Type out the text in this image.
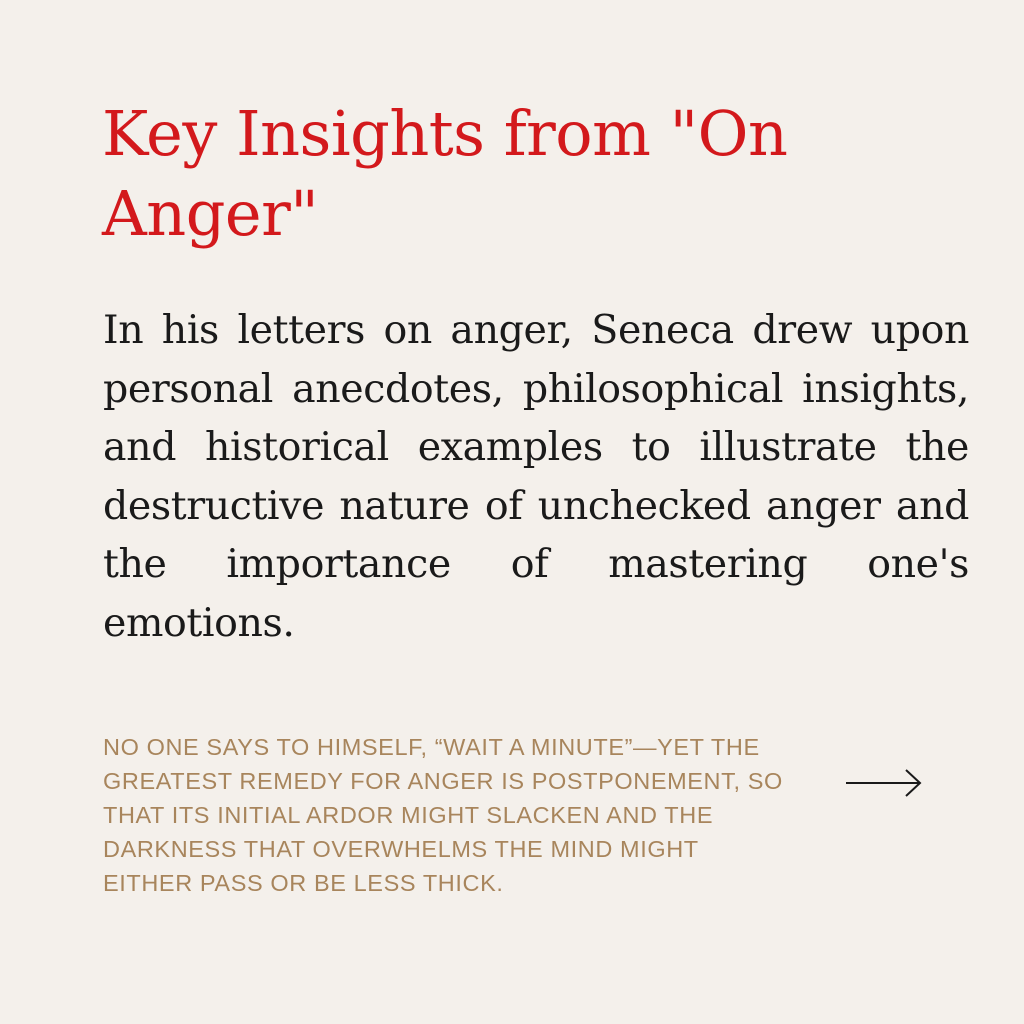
Key Insights from "On Anger"

In his letters on anger, Seneca drew upon personal anecdotes, philosophical insights, and historical examples to illustrate the destructive nature of unchecked anger and the importance of mastering one's emotions.

NO ONE SAYS TO HIMSELF, “WAIT A MINUTE”—YET THE GREATEST REMEDY FOR ANGER IS POSTPONEMENT, SO THAT ITS INITIAL ARDOR MIGHT SLACKEN AND THE DARKNESS THAT OVERWHELMS THE MIND MIGHT EITHER PASS OR BE LESS THICK.
